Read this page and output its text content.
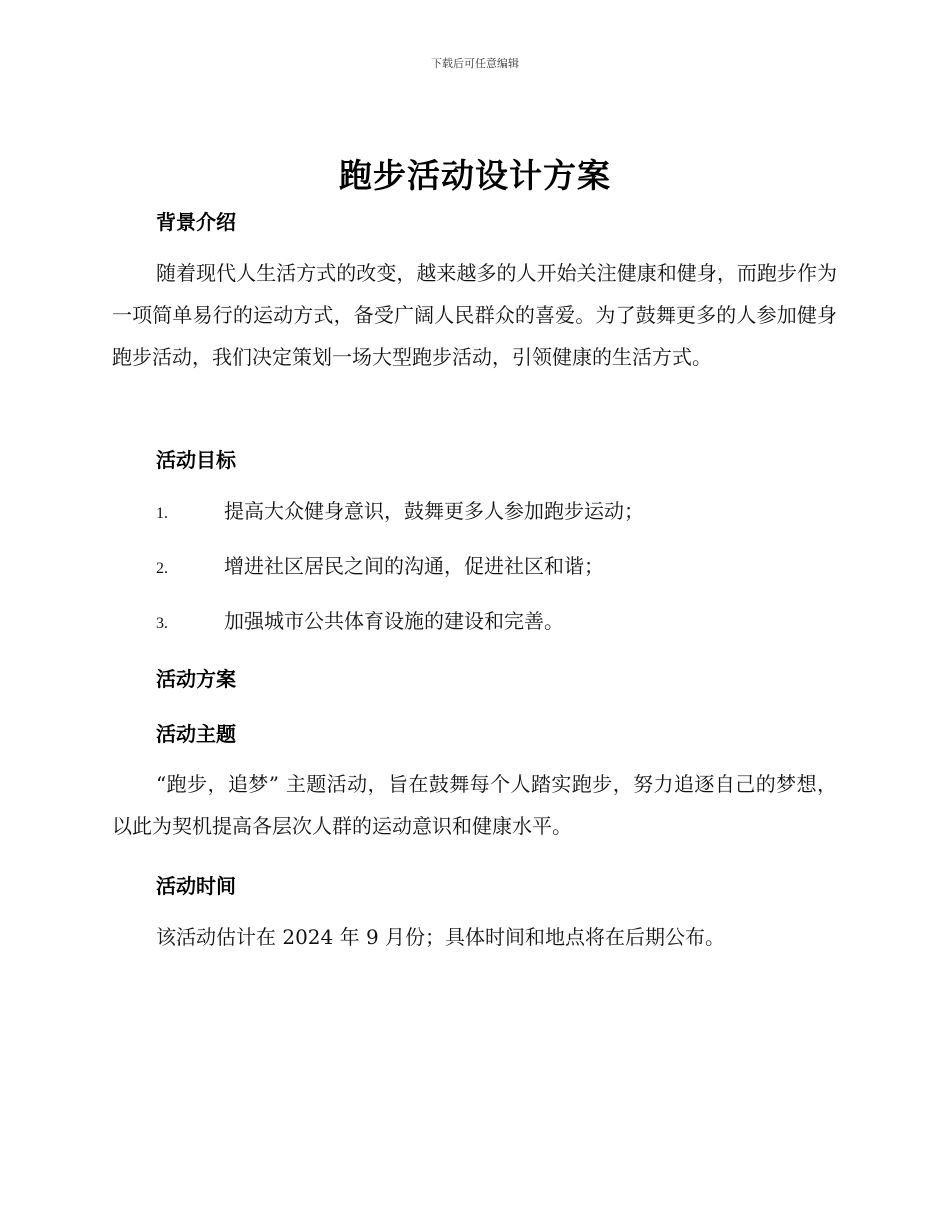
下载后可任意编辑
跑步活动设计方案
背景介绍
随着现代人生活方式的改变，越来越多的人开始关注健康和健身，而跑步作为一项简单易行的运动方式，备受广阔人民群众的喜爱。为了鼓舞更多的人参加健身跑步活动，我们决定策划一场大型跑步活动，引领健康的生活方式。
活动目标
1.	提高大众健身意识，鼓舞更多人参加跑步运动；
2.	增进社区居民之间的沟通，促进社区和谐；
3.	加强城市公共体育设施的建设和完善。
活动方案
活动主题
“跑步，追梦” 主题活动，旨在鼓舞每个人踏实跑步，努力追逐自己的梦想，以此为契机提高各层次人群的运动意识和健康水平。
活动时间
该活动估计在 2024 年 9 月份；具体时间和地点将在后期公布。
